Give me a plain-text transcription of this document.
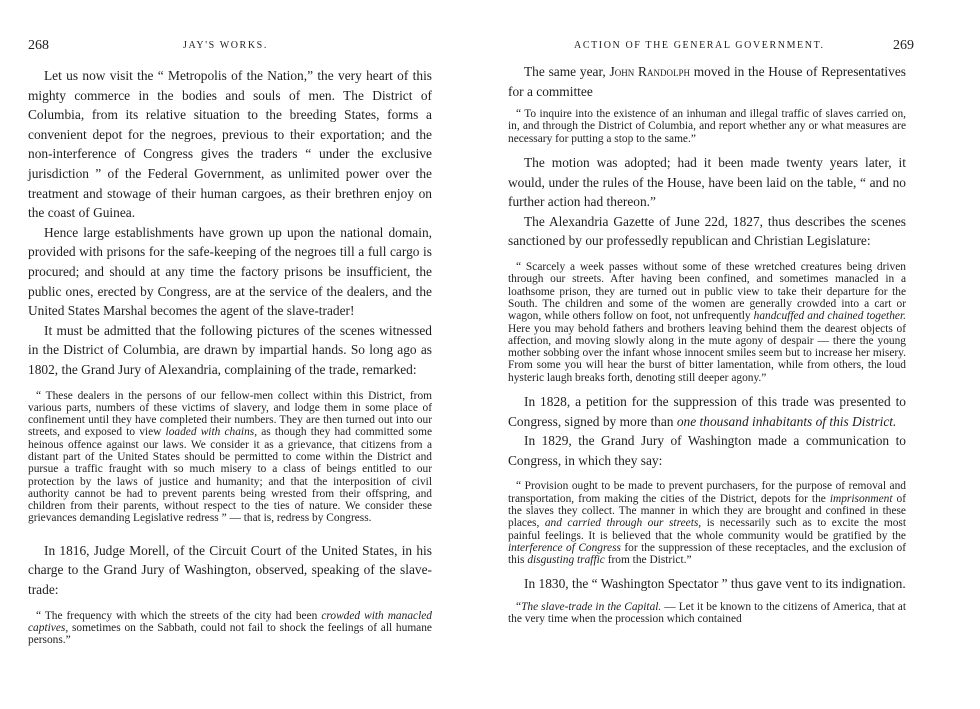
268	JAY'S WORKS.

Let us now visit the “ Metropolis of the Nation,” the very heart of this mighty commerce in the bodies and souls of men. The District of Columbia, from its relative situation to the breeding States, forms a convenient depot for the negroes, previous to their exportation; and the non-interference of Congress gives the traders “ under the exclusive jurisdiction ” of the Federal Government, as unlimited power over the treatment and stowage of their human cargoes, as their brethren enjoy on the coast of Guinea.

Hence large establishments have grown up upon the national domain, provided with prisons for the safe-keeping of the negroes till a full cargo is procured; and should at any time the factory prisons be insufficient, the public ones, erected by Congress, are at the service of the dealers, and the United States Marshal becomes the agent of the slave-trader!

It must be admitted that the following pictures of the scenes witnessed in the District of Columbia, are drawn by impartial hands. So long ago as 1802, the Grand Jury of Alexandria, complaining of the trade, remarked:

“ These dealers in the persons of our fellow-men collect within this District, from various parts, numbers of these victims of slavery, and lodge them in some place of confinement until they have completed their numbers. They are then turned out into our streets, and exposed to view loaded with chains, as though they had committed some heinous offence against our laws. We consider it as a grievance, that citizens from a distant part of the United States should be permitted to come within the District and pursue a traffic fraught with so much misery to a class of beings entitled to our protection by the laws of justice and humanity; and that the interposition of civil authority cannot be had to prevent parents being wrested from their offspring, and children from their parents, without respect to the ties of nature. We consider these grievances demanding Legislative redress ” — that is, redress by Congress.

In 1816, Judge Morell, of the Circuit Court of the United States, in his charge to the Grand Jury of Washington, observed, speaking of the slave-trade:

“ The frequency with which the streets of the city had been crowded with manacled captives, sometimes on the Sabbath, could not fail to shock the feelings of all humane persons.”

ACTION OF THE GENERAL GOVERNMENT.	269

The same year, John Randolph moved in the House of Representatives for a committee

“ To inquire into the existence of an inhuman and illegal traffic of slaves carried on, in, and through the District of Columbia, and report whether any or what measures are necessary for putting a stop to the same.”

The motion was adopted; had it been made twenty years later, it would, under the rules of the House, have been laid on the table, “ and no further action had thereon.”

The Alexandria Gazette of June 22d, 1827, thus describes the scenes sanctioned by our professedly republican and Christian Legislature:

“ Scarcely a week passes without some of these wretched creatures being driven through our streets. After having been confined, and sometimes manacled in a loathsome prison, they are turned out in public view to take their departure for the South. The children and some of the women are generally crowded into a cart or wagon, while others follow on foot, not unfrequently handcuffed and chained together. Here you may behold fathers and brothers leaving behind them the dearest objects of affection, and moving slowly along in the mute agony of despair — there the young mother sobbing over the infant whose innocent smiles seem but to increase her misery. From some you will hear the burst of bitter lamentation, while from others, the loud hysteric laugh breaks forth, denoting still deeper agony.”

In 1828, a petition for the suppression of this trade was presented to Congress, signed by more than one thousand inhabitants of this District.

In 1829, the Grand Jury of Washington made a communication to Congress, in which they say:

“ Provision ought to be made to prevent purchasers, for the purpose of removal and transportation, from making the cities of the District, depots for the imprisonment of the slaves they collect. The manner in which they are brought and confined in these places, and carried through our streets, is necessarily such as to excite the most painful feelings. It is believed that the whole community would be gratified by the interference of Congress for the suppression of these receptacles, and the exclusion of this disgusting traffic from the District.”

In 1830, the “ Washington Spectator ” thus gave vent to its indignation.

“The slave-trade in the Capital. — Let it be known to the citizens of America, that at the very time when the procession which contained
